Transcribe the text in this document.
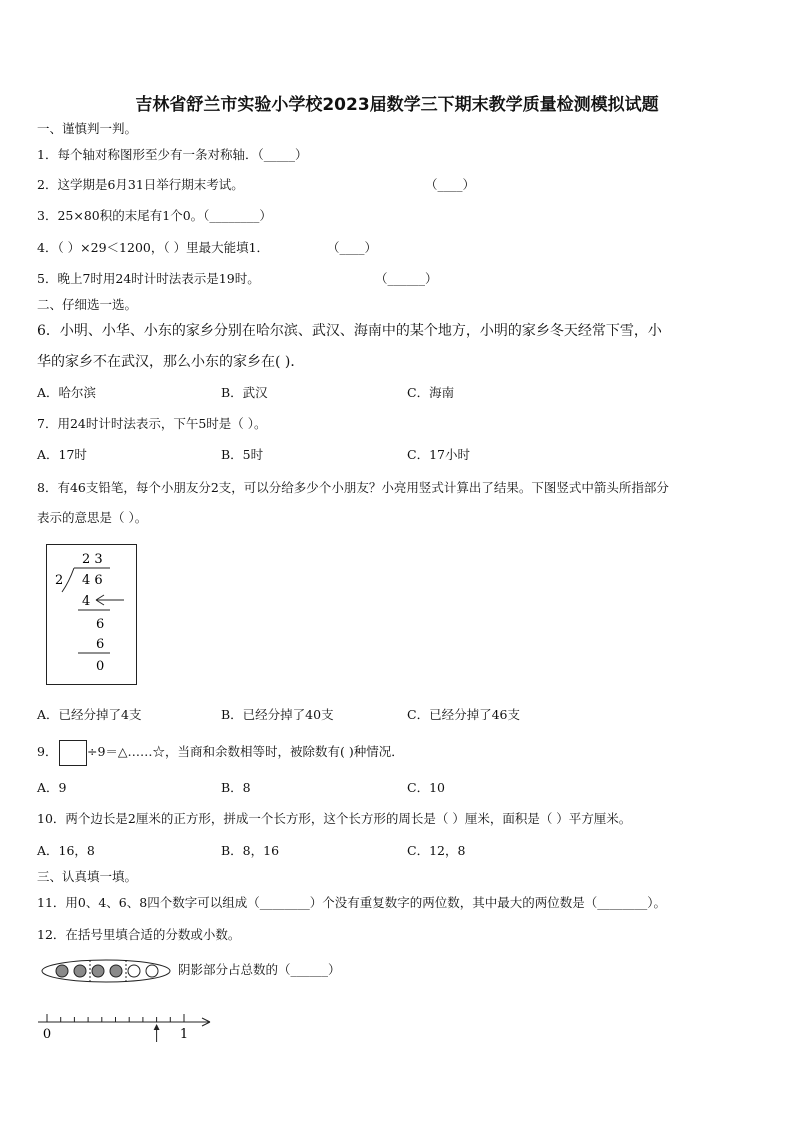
吉林省舒兰市实验小学校2023届数学三下期末教学质量检测模拟试题
一、谨慎判一判。
1．每个轴对称图形至少有一条对称轴．（_____）
2．这学期是6月31日举行期末考试。	（____）
3．25×80积的末尾有1个0。（________）
4．（ ）×29＜1200，（ ）里最大能填1．	（____）
5．晚上7时用24时计时法表示是19时。	（______）
二、仔细选一选。
6．小明、小华、小东的家乡分别在哈尔滨、武汉、海南中的某个地方，小明的家乡冬天经常下雪，小
华的家乡不在武汉，那么小东的家乡在( )．
A．哈尔滨	B．武汉	C．海南
7．用24时计时法表示，下午5时是（ ）。
A．17时	B．5时	C．17小时
8．有46支铅笔，每个小朋友分2支，可以分给多少个小朋友？小亮用竖式计算出了结果。下图竖式中箭头所指部分
表示的意思是（ ）。
2 3
2 4 6
4
6
6
0
A．已经分掉了4支	B．已经分掉了40支	C．已经分掉了46支
9． ÷9＝△……☆，当商和余数相等时，被除数有( )种情况．
A．9	B．8	C．10
10．两个边长是2厘米的正方形，拼成一个长方形，这个长方形的周长是（ ）厘米，面积是（ ）平方厘米。
A．16，8	B．8，16	C．12，8
三、认真填一填。
11．用0、4、6、8四个数字可以组成（________）个没有重复数字的两位数，其中最大的两位数是（________）。
12．在括号里填合适的分数或小数。
阴影部分占总数的（______）
0	1
